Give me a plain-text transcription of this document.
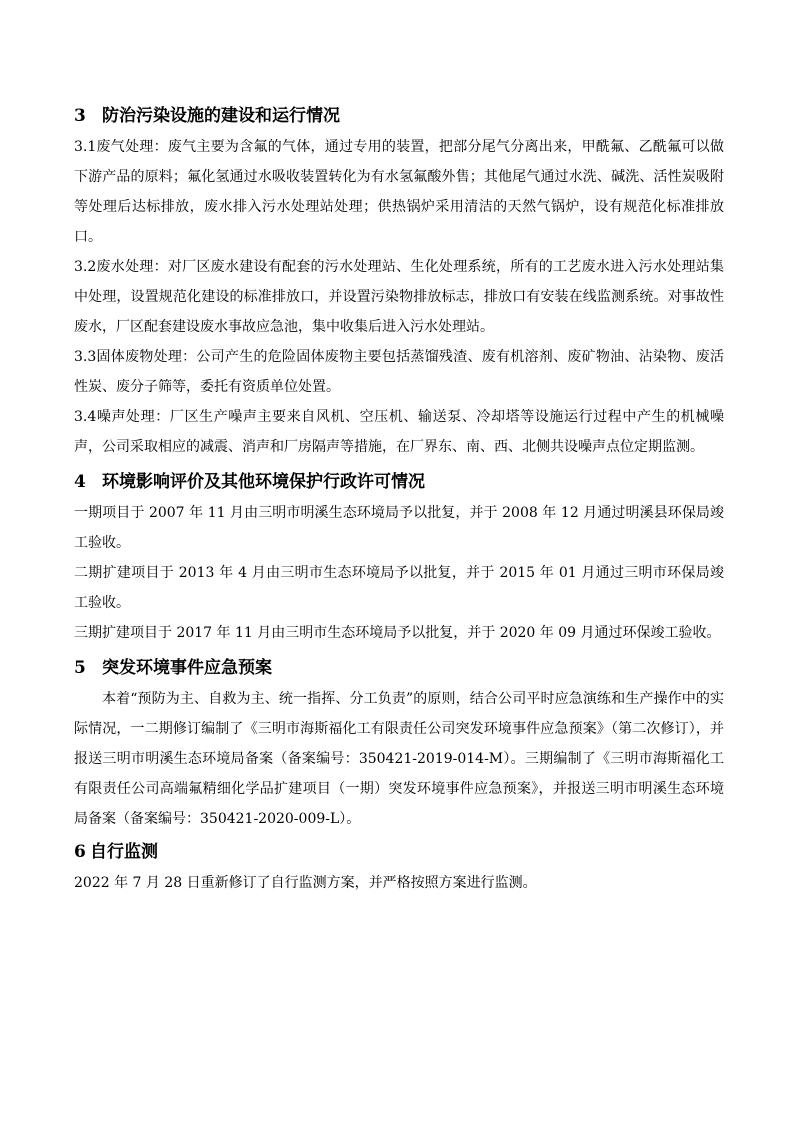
3 防治污染设施的建设和运行情况

3.1废气处理：废气主要为含氟的气体，通过专用的装置，把部分尾气分离出来，甲酰氟、乙酰氟可以做下游产品的原料；氟化氢通过水吸收装置转化为有水氢氟酸外售；其他尾气通过水洗、碱洗、活性炭吸附等处理后达标排放，废水排入污水处理站处理；供热锅炉采用清洁的天然气锅炉，设有规范化标准排放口。

3.2废水处理：对厂区废水建设有配套的污水处理站、生化处理系统，所有的工艺废水进入污水处理站集中处理，设置规范化建设的标准排放口，并设置污染物排放标志，排放口有安装在线监测系统。对事故性废水，厂区配套建设废水事故应急池，集中收集后进入污水处理站。

3.3固体废物处理：公司产生的危险固体废物主要包括蒸馏残渣、废有机溶剂、废矿物油、沾染物、废活性炭、废分子筛等，委托有资质单位处置。

3.4噪声处理：厂区生产噪声主要来自风机、空压机、输送泵、冷却塔等设施运行过程中产生的机械噪声，公司采取相应的减震、消声和厂房隔声等措施，在厂界东、南、西、北侧共设噪声点位定期监测。

4 环境影响评价及其他环境保护行政许可情况

一期项目于 2007 年 11 月由三明市明溪生态环境局予以批复，并于 2008 年 12 月通过明溪县环保局竣工验收。

二期扩建项目于 2013 年 4 月由三明市生态环境局予以批复，并于 2015 年 01 月通过三明市环保局竣工验收。

三期扩建项目于 2017 年 11 月由三明市生态环境局予以批复，并于 2020 年 09 月通过环保竣工验收。

5 突发环境事件应急预案

本着“预防为主、自救为主、统一指挥、分工负责”的原则，结合公司平时应急演练和生产操作中的实际情况，一二期修订编制了《三明市海斯福化工有限责任公司突发环境事件应急预案》（第二次修订），并报送三明市明溪生态环境局备案（备案编号：350421-2019-014-M）。三期编制了《三明市海斯福化工有限责任公司高端氟精细化学品扩建项目（一期）突发环境事件应急预案》，并报送三明市明溪生态环境局备案（备案编号：350421-2020-009-L）。

6 自行监测

2022 年 7 月 28 日重新修订了自行监测方案，并严格按照方案进行监测。
